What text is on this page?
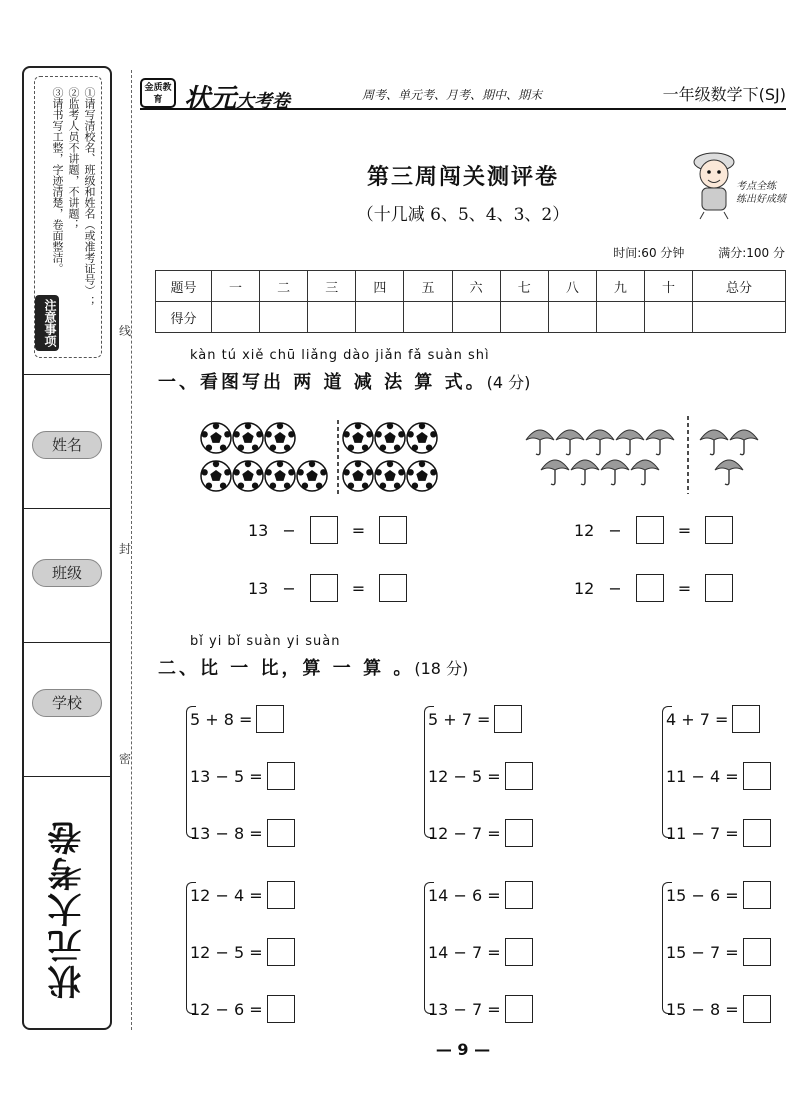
注意事项
①请写清校名、班级和姓名（或准考证号）；
②监考人员不讲题，不讲题；
③请书写工整，字迹清楚，卷面整洁。
姓名
班级
学校
状元大考卷
线
封
密
金质教育 状元大考卷	周考、单元考、月考、期中、期末	一年级数学下(SJ)
第三周闯关测评卷
（十几减 6、5、4、3、2）
考点全练
练出好成绩
时间:60 分钟	满分:100 分
题号	一	二	三	四	五	六	七	八	九	十	总分
得分											
kàn tú xiě chū liǎng dào jiǎn fǎ suàn shì
一、看图写出 两 道 减 法 算 式。(4 分)
13 −	=
13 −	=
12 −	=
12 −	=
bǐ yi bǐ suàn yi suàn
二、比 一 比，算 一 算 。(18 分)
5 + 8 =
13 − 5 =
13 − 8 =
5 + 7 =
12 − 5 =
12 − 7 =
4 + 7 =
11 − 4 =
11 − 7 =
12 − 4 =
12 − 5 =
12 − 6 =
14 − 6 =
14 − 7 =
13 − 7 =
15 − 6 =
15 − 7 =
15 − 8 =
— 9 —
